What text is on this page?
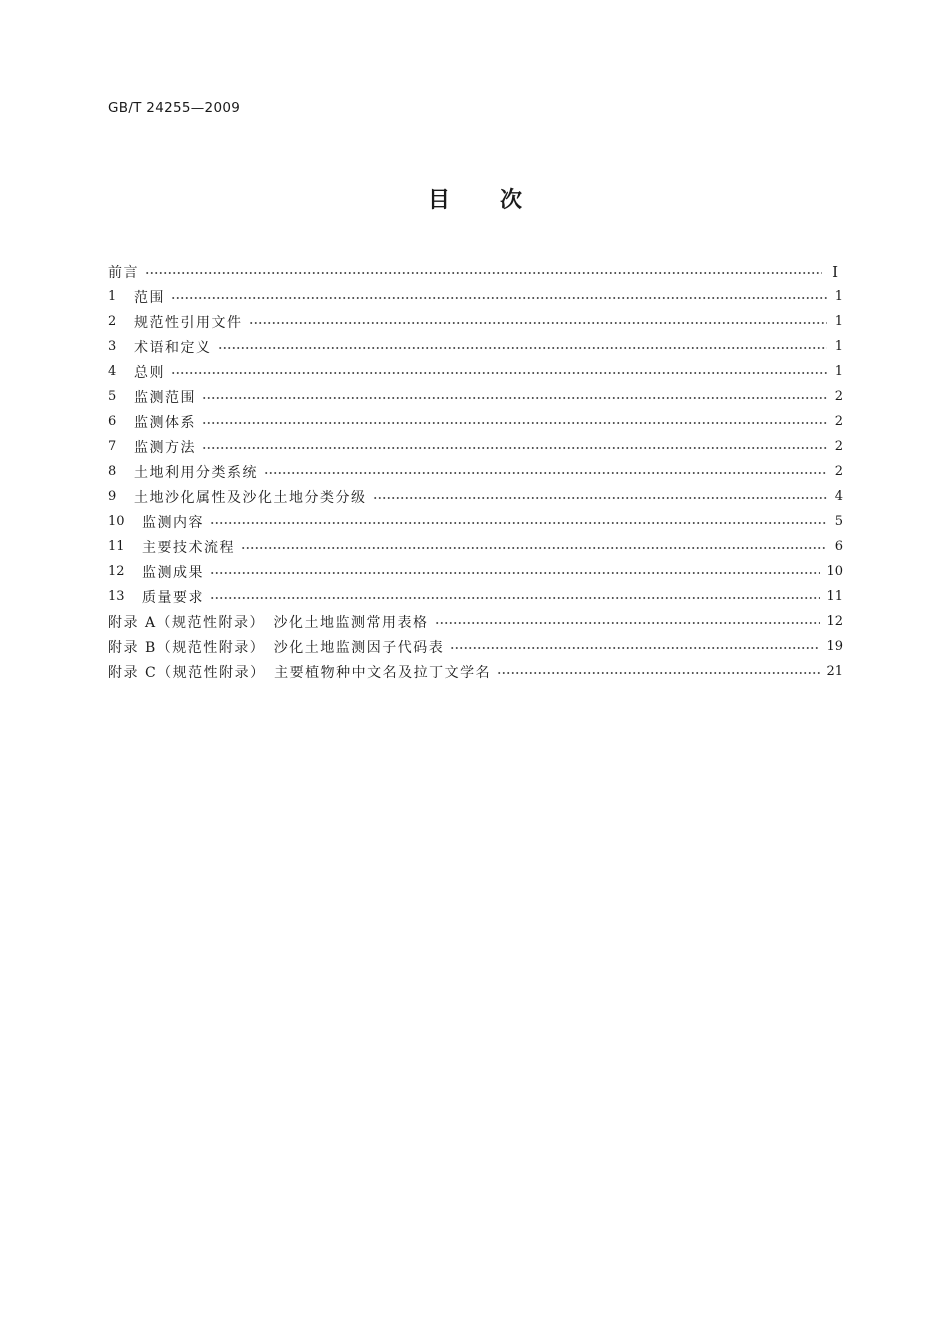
GB/T 24255—2009
目次
前言	Ⅰ
1	范围	1
2	规范性引用文件	1
3	术语和定义	1
4	总则	1
5	监测范围	2
6	监测体系	2
7	监测方法	2
8	土地利用分类系统	2
9	土地沙化属性及沙化土地分类分级	4
10	监测内容	5
11	主要技术流程	6
12	监测成果	10
13	质量要求	11
附录 A（规范性附录）　沙化土地监测常用表格	12
附录 B（规范性附录）　沙化土地监测因子代码表	19
附录 C（规范性附录）　主要植物种中文名及拉丁文学名	21
